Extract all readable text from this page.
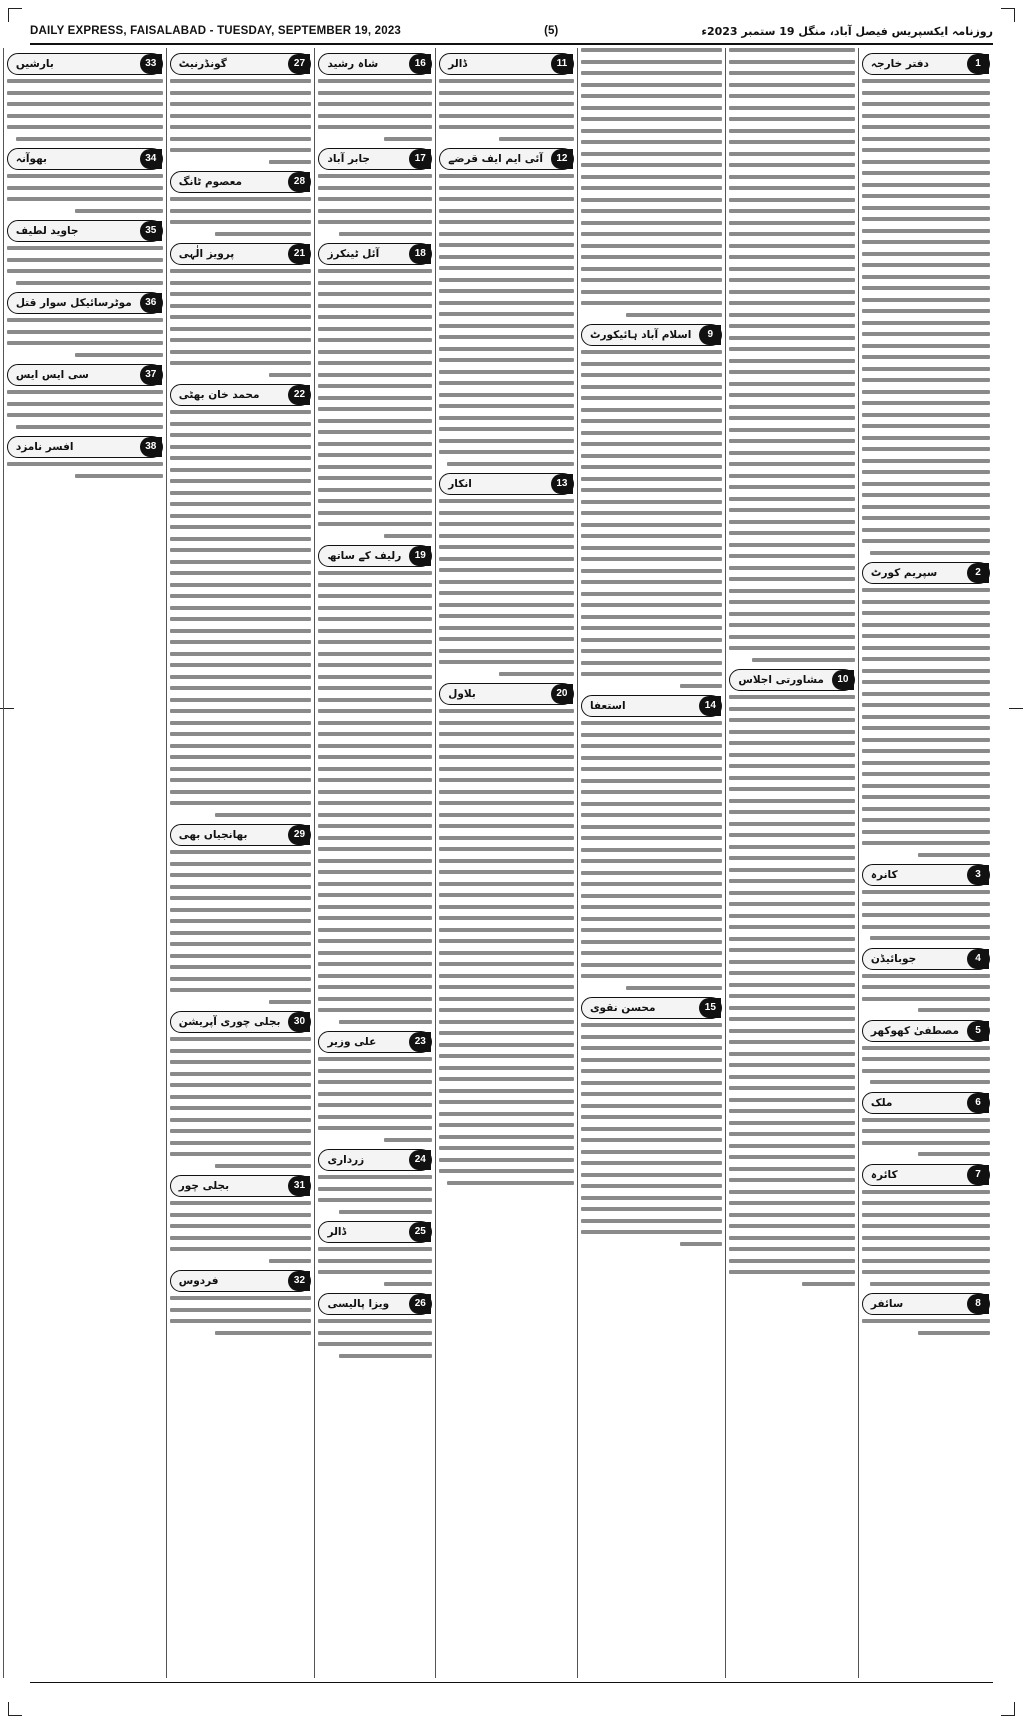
DAILY EXPRESS, FAISALABAD - TUESDAY, SEPTEMBER 19, 2023	(5)	روزنامہ ایکسپریس فیصل آباد، منگل 19 ستمبر 2023ء
دفتر خارجہ	1
سپریم کورٹ	2
کانرہ	3
جوبائیڈن	4
مصطفیٰ کھوکھر	5
ملک	6
کائرہ	7
سائفر	8
مشاورتی اجلاس	10
اسلام آباد ہائیکورٹ	9
استعفا	14
محسن نقوی	15
ڈالر	11
آئی ایم ایف قرضے	12
انکار	13
بلاول	20
شاہ رشید	16
جابر آباد	17
آئل ٹینکرز	18
رلیف کے ساتھ	19
علی وزیر	23
زرداری	24
ڈالر	25
ویزا پالیسی	26
گونڈرنیٹ	27
معصوم ٹانگ	28
پرویز الٰہی	21
محمد خان بھٹی	22
بھانجیاں بھی	29
بجلی چوری آپریشن	30
بجلی چور	31
فردوس	32
بارشیں	33
بھوآنہ	34
جاوید لطیف	35
موٹرسائیکل سوار قتل	36
سی ایس ایس	37
افسر نامزد	38
